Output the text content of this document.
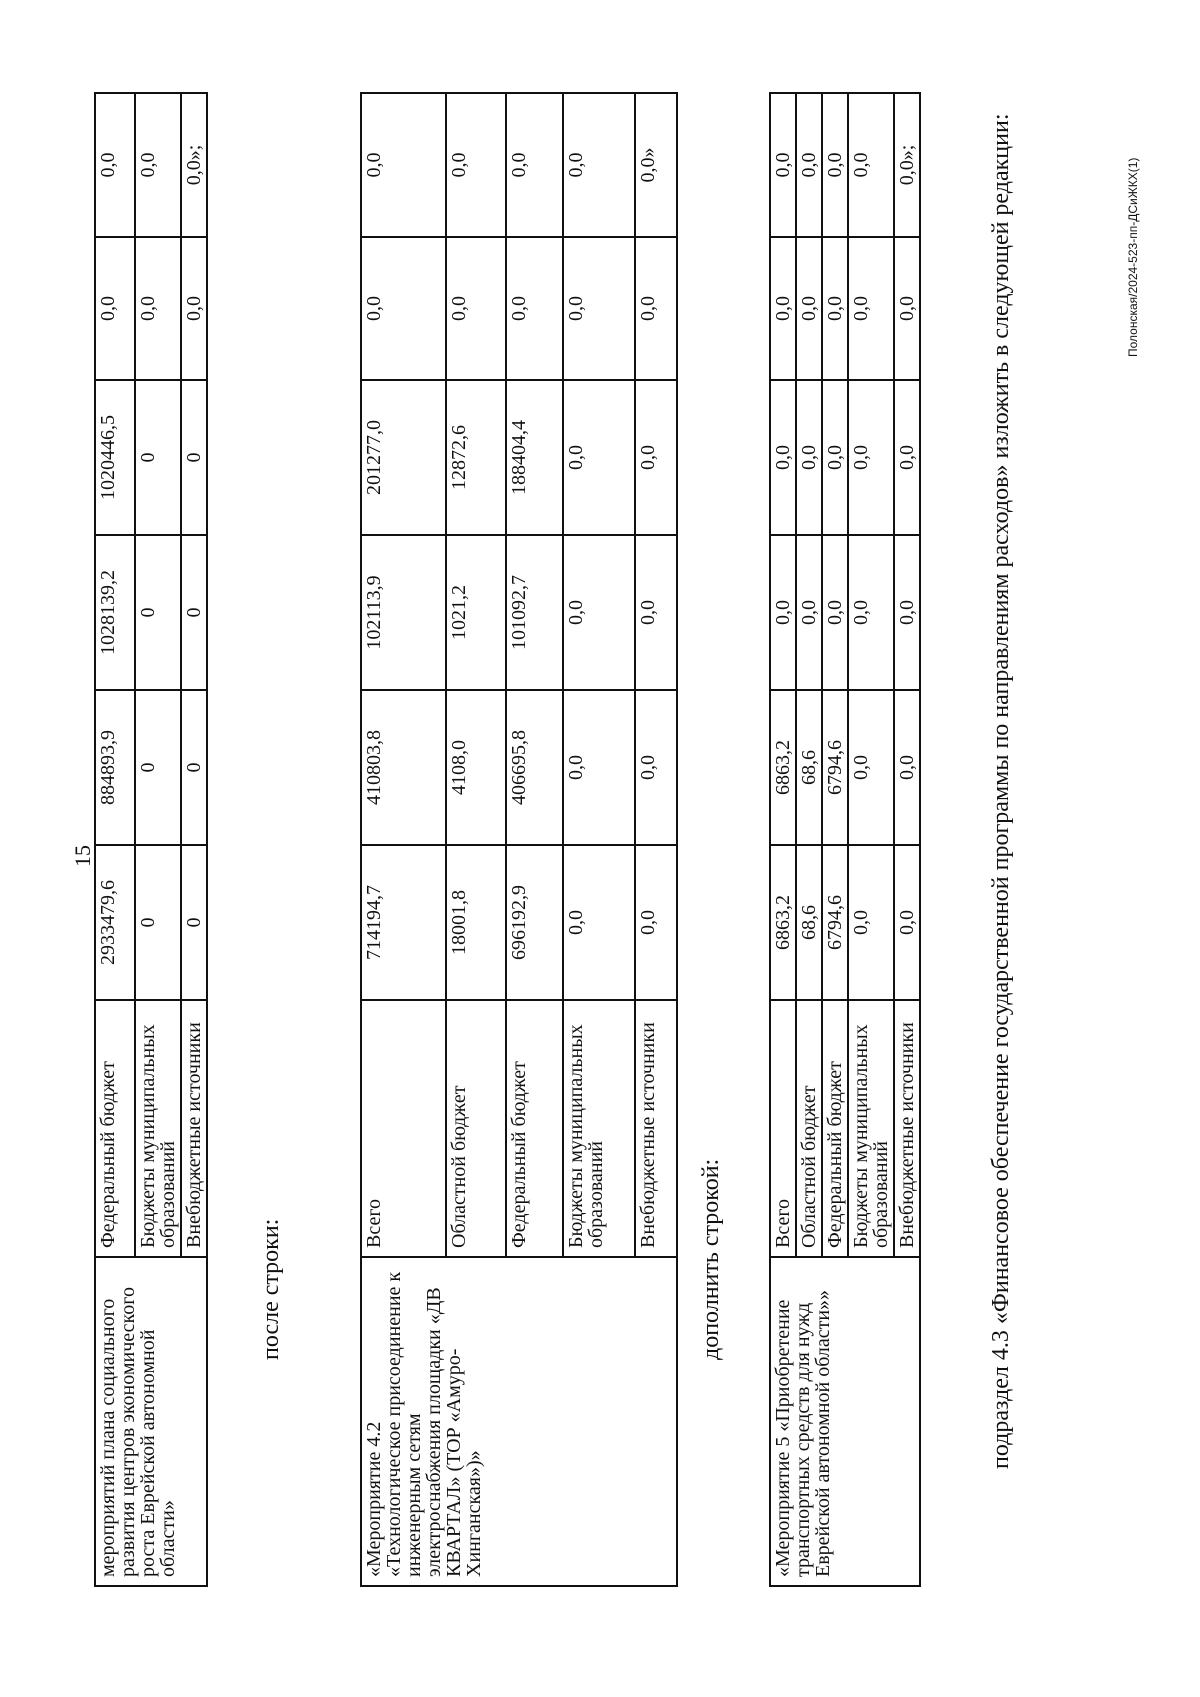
15
мероприятий плана социального развития центров экономического роста Еврейской автономной области»	Федеральный бюджет	2933479,6	884893,9	1028139,2	1020446,5	0,0	0,0
	Бюджеты муниципальных образований	0	0	0	0	0,0	0,0
	Внебюджетные источники	0	0	0	0	0,0	0,0»;
после строки:
«Мероприятие 4.2 «Технологическое присоединение к инженерным сетям электроснабжения площадки «ДВ КВАРТАЛ» (ТОР «Амуро-Хинганская»)»	Всего	714194,7	410803,8	102113,9	201277,0	0,0	0,0
	Областной бюджет	18001,8	4108,0	1021,2	12872,6	0,0	0,0
	Федеральный бюджет	696192,9	406695,8	101092,7	188404,4	0,0	0,0
	Бюджеты муниципальных образований	0,0	0,0	0,0	0,0	0,0	0,0
	Внебюджетные источники	0,0	0,0	0,0	0,0	0,0	0,0»
дополнить строкой:
«Мероприятие 5 «Приобретение транспортных средств для нужд Еврейской автономной области»»	Всего	6863,2	6863,2	0,0	0,0	0,0	0,0
	Областной бюджет	68,6	68,6	0,0	0,0	0,0	0,0
	Федеральный бюджет	6794,6	6794,6	0,0	0,0	0,0	0,0
	Бюджеты муниципальных образований	0,0	0,0	0,0	0,0	0,0	0,0
	Внебюджетные источники	0,0	0,0	0,0	0,0	0,0	0,0»;	подраздел 4.3 «Финансовое обеспечение государственной программы по направлениям расходов» изложить в следующей редакции:	Полонская/2024-523-пп-ДСиЖКХ(1)
